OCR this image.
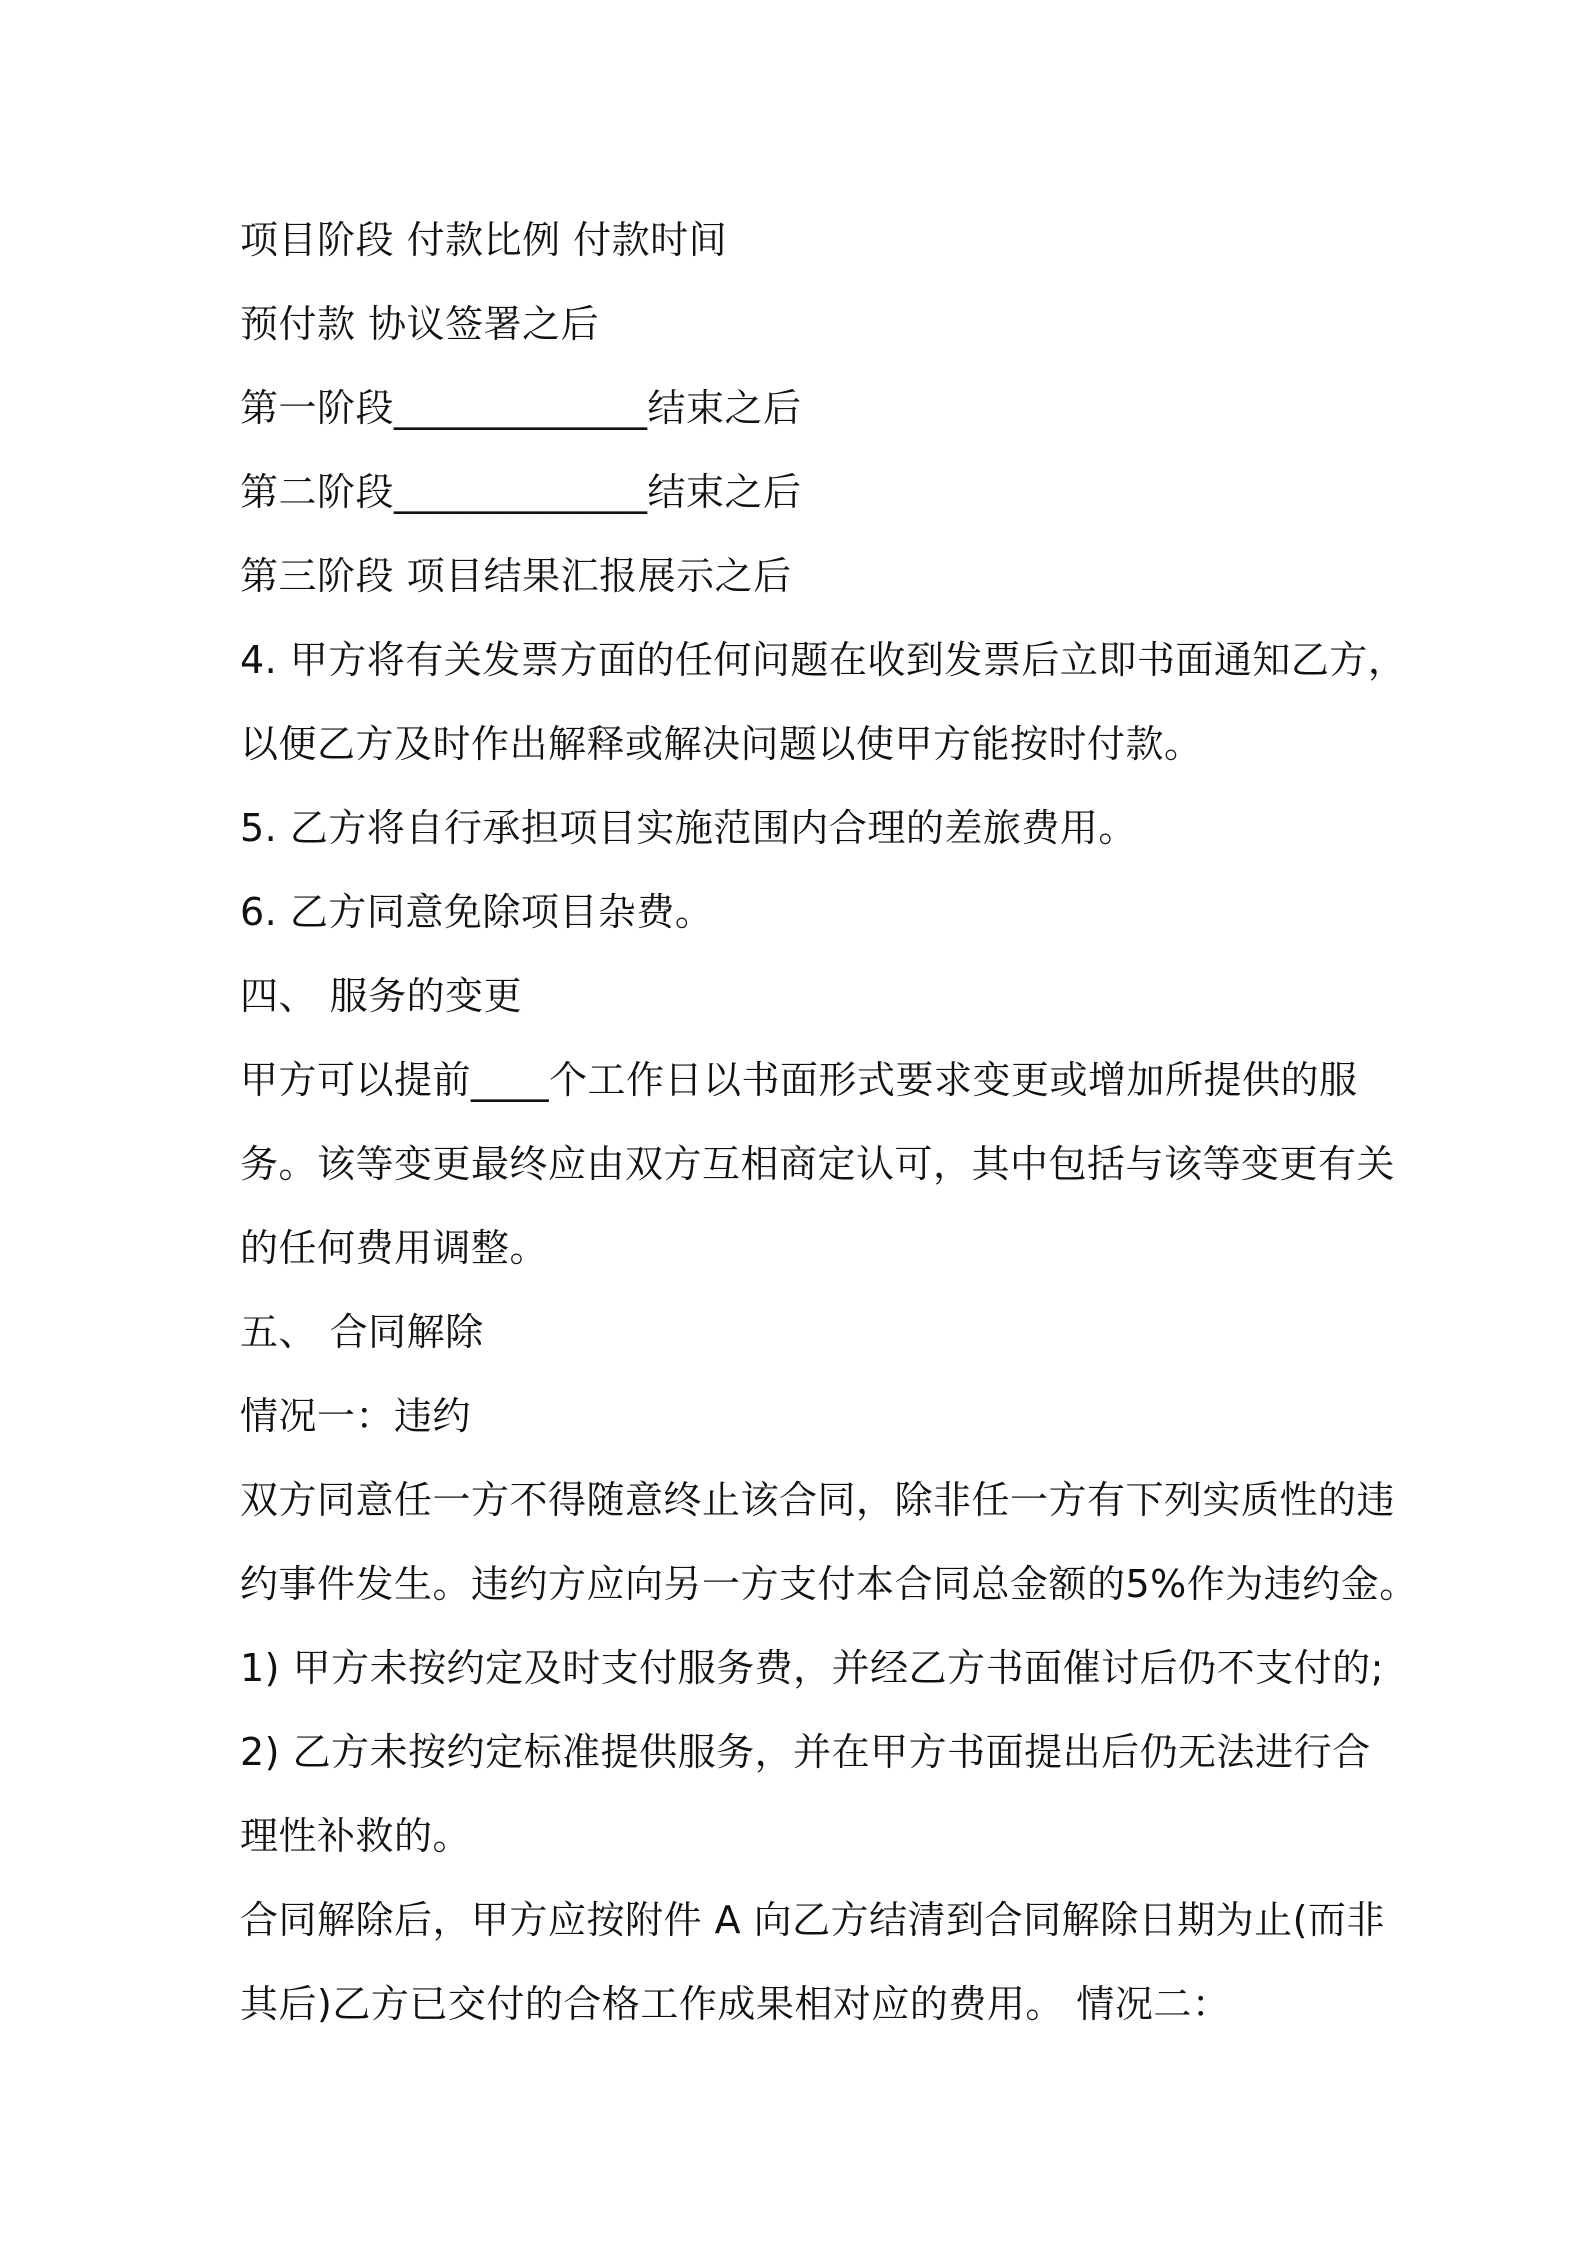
项目阶段 付款比例 付款时间
预付款 协议签署之后
第一阶段_____________结束之后
第二阶段_____________结束之后
第三阶段 项目结果汇报展示之后
4. 甲方将有关发票方面的任何问题在收到发票后立即书面通知乙方，
以便乙方及时作出解释或解决问题以使甲方能按时付款。
5. 乙方将自行承担项目实施范围内合理的差旅费用。
6. 乙方同意免除项目杂费。
四、 服务的变更
甲方可以提前____个工作日以书面形式要求变更或增加所提供的服
务。该等变更最终应由双方互相商定认可，其中包括与该等变更有关
的任何费用调整。
五、 合同解除
情况一：违约
双方同意任一方不得随意终止该合同，除非任一方有下列实质性的违
约事件发生。违约方应向另一方支付本合同总金额的5%作为违约金。
1) 甲方未按约定及时支付服务费，并经乙方书面催讨后仍不支付的;
2) 乙方未按约定标准提供服务，并在甲方书面提出后仍无法进行合
理性补救的。
合同解除后，甲方应按附件 A 向乙方结清到合同解除日期为止(而非
其后)乙方已交付的合格工作成果相对应的费用。 情况二：
